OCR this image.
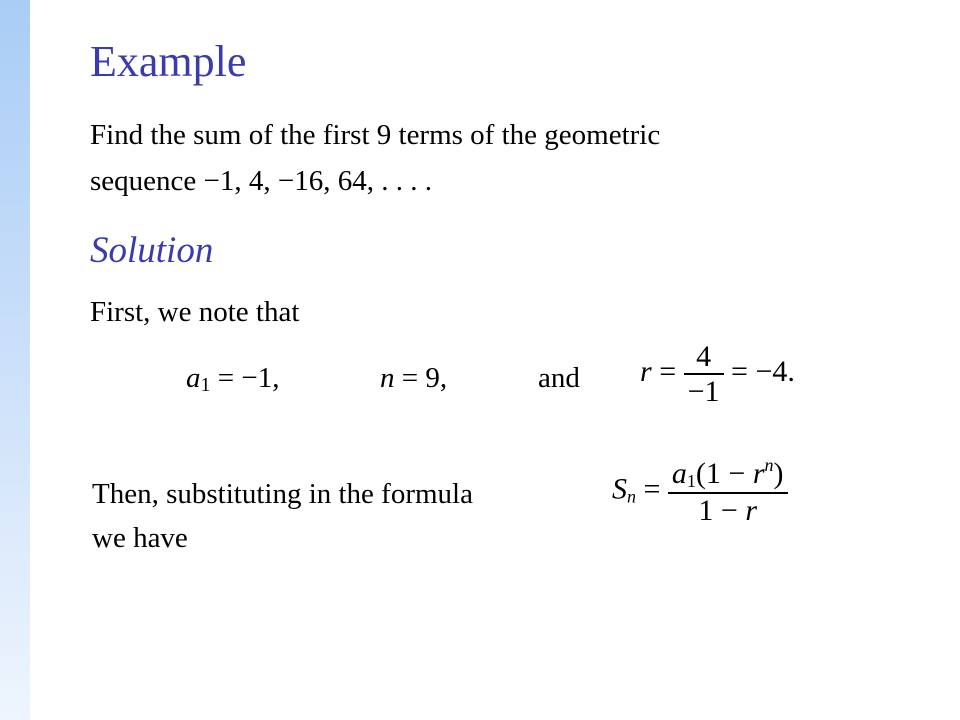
Example
Find the sum of the first 9 terms of the geometric
sequence −1, 4, −16, 64, . . . .
Solution
First, we note that
$a_1 = -1$,	n = 9,	and $r = \frac{4}{-1} = -4$.
Then, substituting in the formula
we have
$S_n = \frac{a_1(1 - r^n)}{1 - r}$
